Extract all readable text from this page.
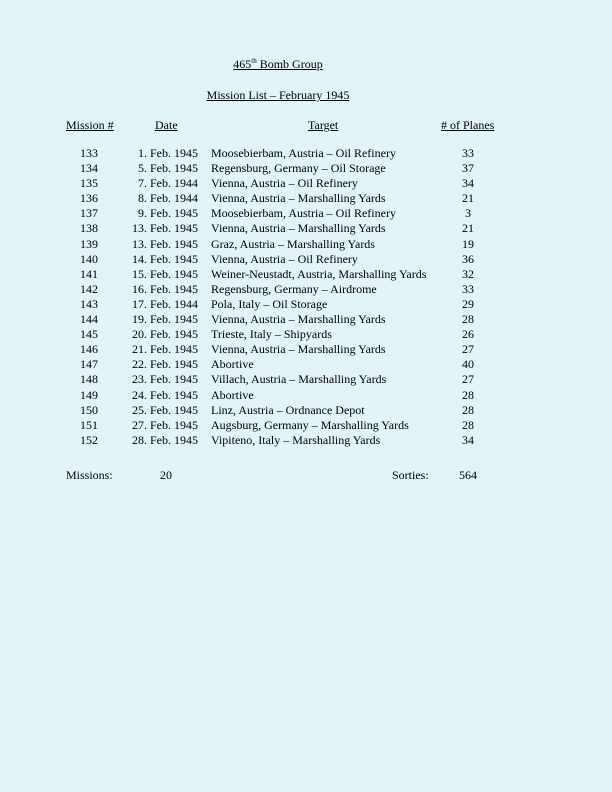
465th Bomb Group
Mission List – February 1945
Mission #	Date	Target	# of Planes
133	1. Feb. 1945 Moosebierbam, Austria – Oil Refinery	33
134	5. Feb. 1945 Regensburg, Germany – Oil Storage	37
135	7. Feb. 1944 Vienna, Austria – Oil Refinery	34
136	8. Feb. 1944 Vienna, Austria – Marshalling Yards	21
137	9. Feb. 1945 Moosebierbam, Austria – Oil Refinery	3
138	13. Feb. 1945 Vienna, Austria – Marshalling Yards	21
139	13. Feb. 1945 Graz, Austria – Marshalling Yards	19
140	14. Feb. 1945 Vienna, Austria – Oil Refinery	36
141	15. Feb. 1945 Weiner-Neustadt, Austria, Marshalling Yards	32
142	16. Feb. 1945 Regensburg, Germany – Airdrome	33
143	17. Feb. 1944 Pola, Italy – Oil Storage	29
144	19. Feb. 1945 Vienna, Austria – Marshalling Yards	28
145	20. Feb. 1945 Trieste, Italy – Shipyards	26
146	21. Feb. 1945 Vienna, Austria – Marshalling Yards	27
147	22. Feb. 1945 Abortive	40
148	23. Feb. 1945 Villach, Austria – Marshalling Yards	27
149	24. Feb. 1945 Abortive	28
150	25. Feb. 1945 Linz, Austria – Ordnance Depot	28
151	27. Feb. 1945 Augsburg, Germany – Marshalling Yards	28
152	28. Feb. 1945 Vipiteno, Italy – Marshalling Yards	34
Missions:	20	Sorties:	564
